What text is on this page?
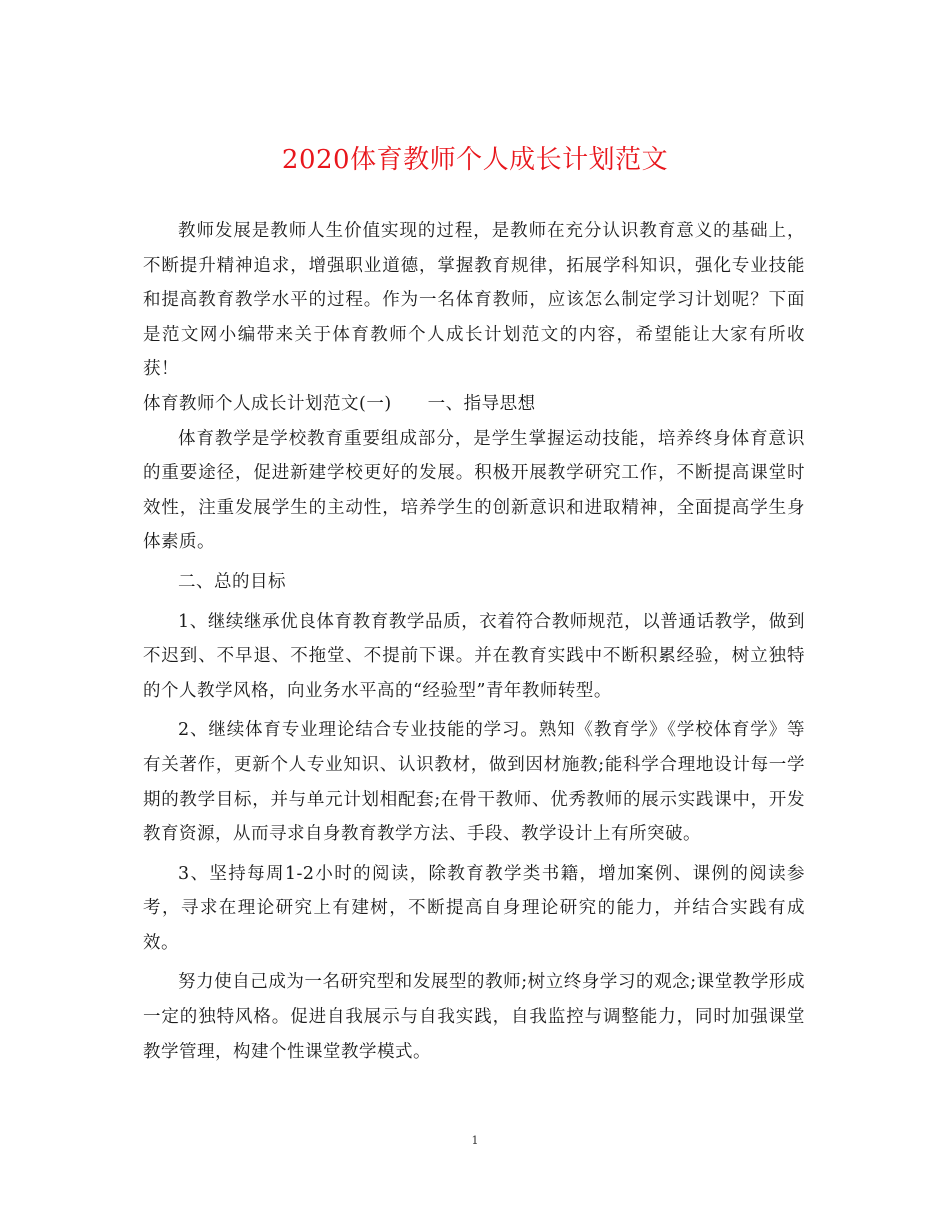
2020体育教师个人成长计划范文

教师发展是教师人生价值实现的过程，是教师在充分认识教育意义的基础上，不断提升精神追求，增强职业道德，掌握教育规律，拓展学科知识，强化专业技能和提高教育教学水平的过程。作为一名体育教师，应该怎么制定学习计划呢？下面是范文网小编带来关于体育教师个人成长计划范文的内容，希望能让大家有所收获！

体育教师个人成长计划范文(一) 一、指导思想

体育教学是学校教育重要组成部分，是学生掌握运动技能，培养终身体育意识的重要途径，促进新建学校更好的发展。积极开展教学研究工作，不断提高课堂时效性，注重发展学生的主动性，培养学生的创新意识和进取精神，全面提高学生身体素质。

二、总的目标

1、继续继承优良体育教育教学品质，衣着符合教师规范，以普通话教学，做到不迟到、不早退、不拖堂、不提前下课。并在教育实践中不断积累经验，树立独特的个人教学风格，向业务水平高的“经验型”青年教师转型。

2、继续体育专业理论结合专业技能的学习。熟知《教育学》《学校体育学》等有关著作，更新个人专业知识、认识教材，做到因材施教;能科学合理地设计每一学期的教学目标，并与单元计划相配套;在骨干教师、优秀教师的展示实践课中，开发教育资源，从而寻求自身教育教学方法、手段、教学设计上有所突破。

3、坚持每周1-2小时的阅读，除教育教学类书籍，增加案例、课例的阅读参考，寻求在理论研究上有建树，不断提高自身理论研究的能力，并结合实践有成效。

努力使自己成为一名研究型和发展型的教师;树立终身学习的观念;课堂教学形成一定的独特风格。促进自我展示与自我实践，自我监控与调整能力，同时加强课堂教学管理，构建个性课堂教学模式。

1
